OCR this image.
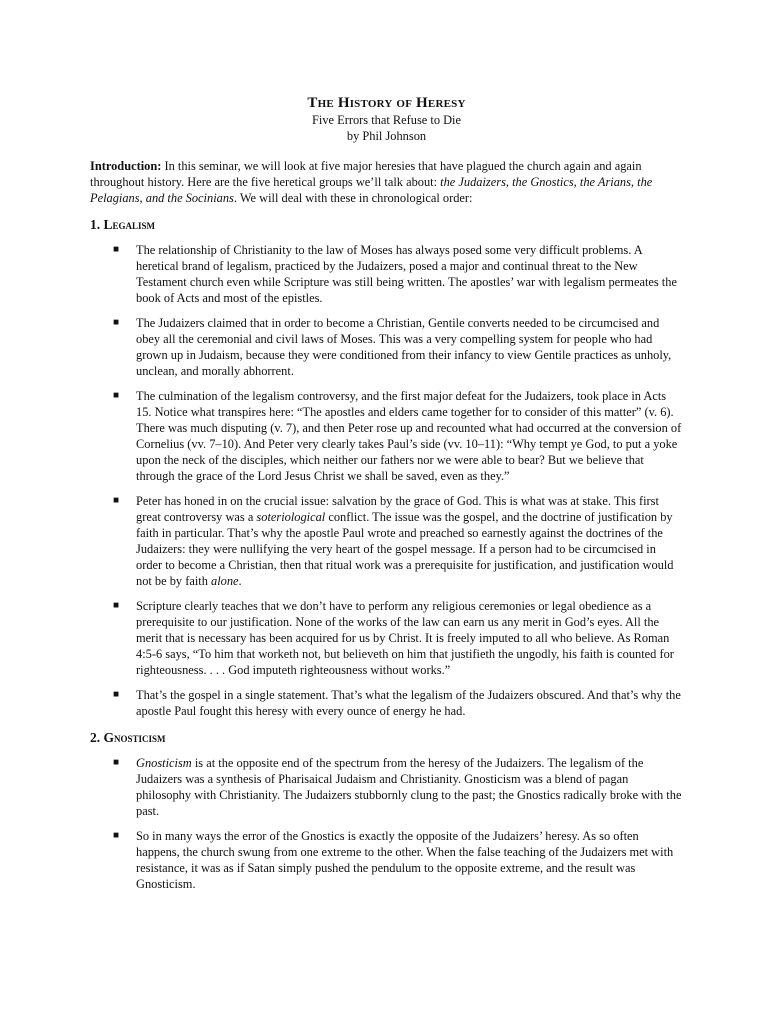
The History of Heresy
Five Errors that Refuse to Die
by Phil Johnson

Introduction: In this seminar, we will look at five major heresies that have plagued the church again and again throughout history. Here are the five heretical groups we’ll talk about: the Judaizers, the Gnostics, the Arians, the Pelagians, and the Socinians. We will deal with these in chronological order:

1. Legalism
■ The relationship of Christianity to the law of Moses has always posed some very difficult problems. A heretical brand of legalism, practiced by the Judaizers, posed a major and continual threat to the New Testament church even while Scripture was still being written. The apostles’ war with legalism permeates the book of Acts and most of the epistles.
■ The Judaizers claimed that in order to become a Christian, Gentile converts needed to be circumcised and obey all the ceremonial and civil laws of Moses. This was a very compelling system for people who had grown up in Judaism, because they were conditioned from their infancy to view Gentile practices as unholy, unclean, and morally abhorrent.
■ The culmination of the legalism controversy, and the first major defeat for the Judaizers, took place in Acts 15. Notice what transpires here: “The apostles and elders came together for to consider of this matter” (v. 6). There was much disputing (v. 7), and then Peter rose up and recounted what had occurred at the conversion of Cornelius (vv. 7–10). And Peter very clearly takes Paul’s side (vv. 10–11): “Why tempt ye God, to put a yoke upon the neck of the disciples, which neither our fathers nor we were able to bear? But we believe that through the grace of the Lord Jesus Christ we shall be saved, even as they.”
■ Peter has honed in on the crucial issue: salvation by the grace of God. This is what was at stake. This first great controversy was a soteriological conflict. The issue was the gospel, and the doctrine of justification by faith in particular. That’s why the apostle Paul wrote and preached so earnestly against the doctrines of the Judaizers: they were nullifying the very heart of the gospel message. If a person had to be circumcised in order to become a Christian, then that ritual work was a prerequisite for justification, and justification would not be by faith alone.
■ Scripture clearly teaches that we don’t have to perform any religious ceremonies or legal obedience as a prerequisite to our justification. None of the works of the law can earn us any merit in God’s eyes. All the merit that is necessary has been acquired for us by Christ. It is freely imputed to all who believe. As Roman 4:5-6 says, “To him that worketh not, but believeth on him that justifieth the ungodly, his faith is counted for righteousness. . . . God imputeth righteousness without works.”
■ That’s the gospel in a single statement. That’s what the legalism of the Judaizers obscured. And that’s why the apostle Paul fought this heresy with every ounce of energy he had.
2. Gnosticism
■ Gnosticism is at the opposite end of the spectrum from the heresy of the Judaizers. The legalism of the Judaizers was a synthesis of Pharisaical Judaism and Christianity. Gnosticism was a blend of pagan philosophy with Christianity. The Judaizers stubbornly clung to the past; the Gnostics radically broke with the past.
■ So in many ways the error of the Gnostics is exactly the opposite of the Judaizers’ heresy. As so often happens, the church swung from one extreme to the other. When the false teaching of the Judaizers met with resistance, it was as if Satan simply pushed the pendulum to the opposite extreme, and the result was Gnosticism.
